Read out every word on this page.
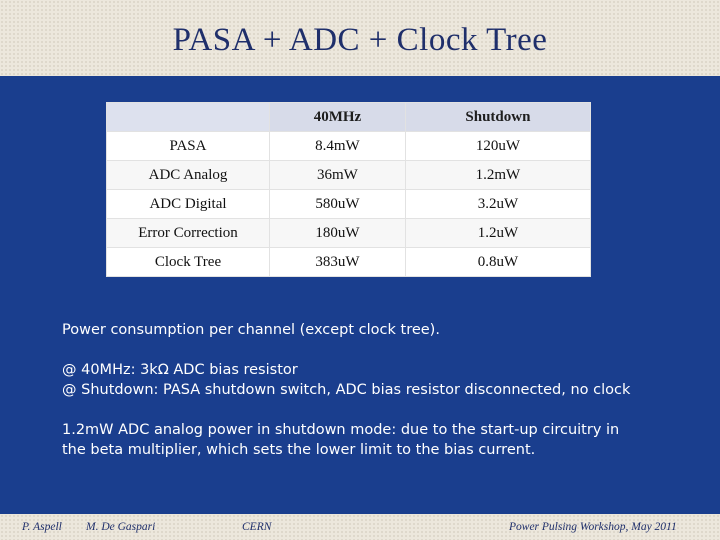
PASA + ADC + Clock Tree
	40MHz	Shutdown
PASA	8.4mW	120uW
ADC Analog	36mW	1.2mW
ADC Digital	580uW	3.2uW
Error Correction	180uW	1.2uW
Clock Tree	383uW	0.8uW

Power consumption per channel (except clock tree).

@ 40MHz: 3kΩ ADC bias resistor

@ Shutdown: PASA shutdown switch, ADC bias resistor disconnected, no clock

1.2mW ADC analog power in shutdown mode: due to the start-up circuitry in

the beta multiplier, which sets the lower limit to the bias current.

P. Aspell M. De Gaspari	CERN	Power Pulsing Workshop, May 2011
